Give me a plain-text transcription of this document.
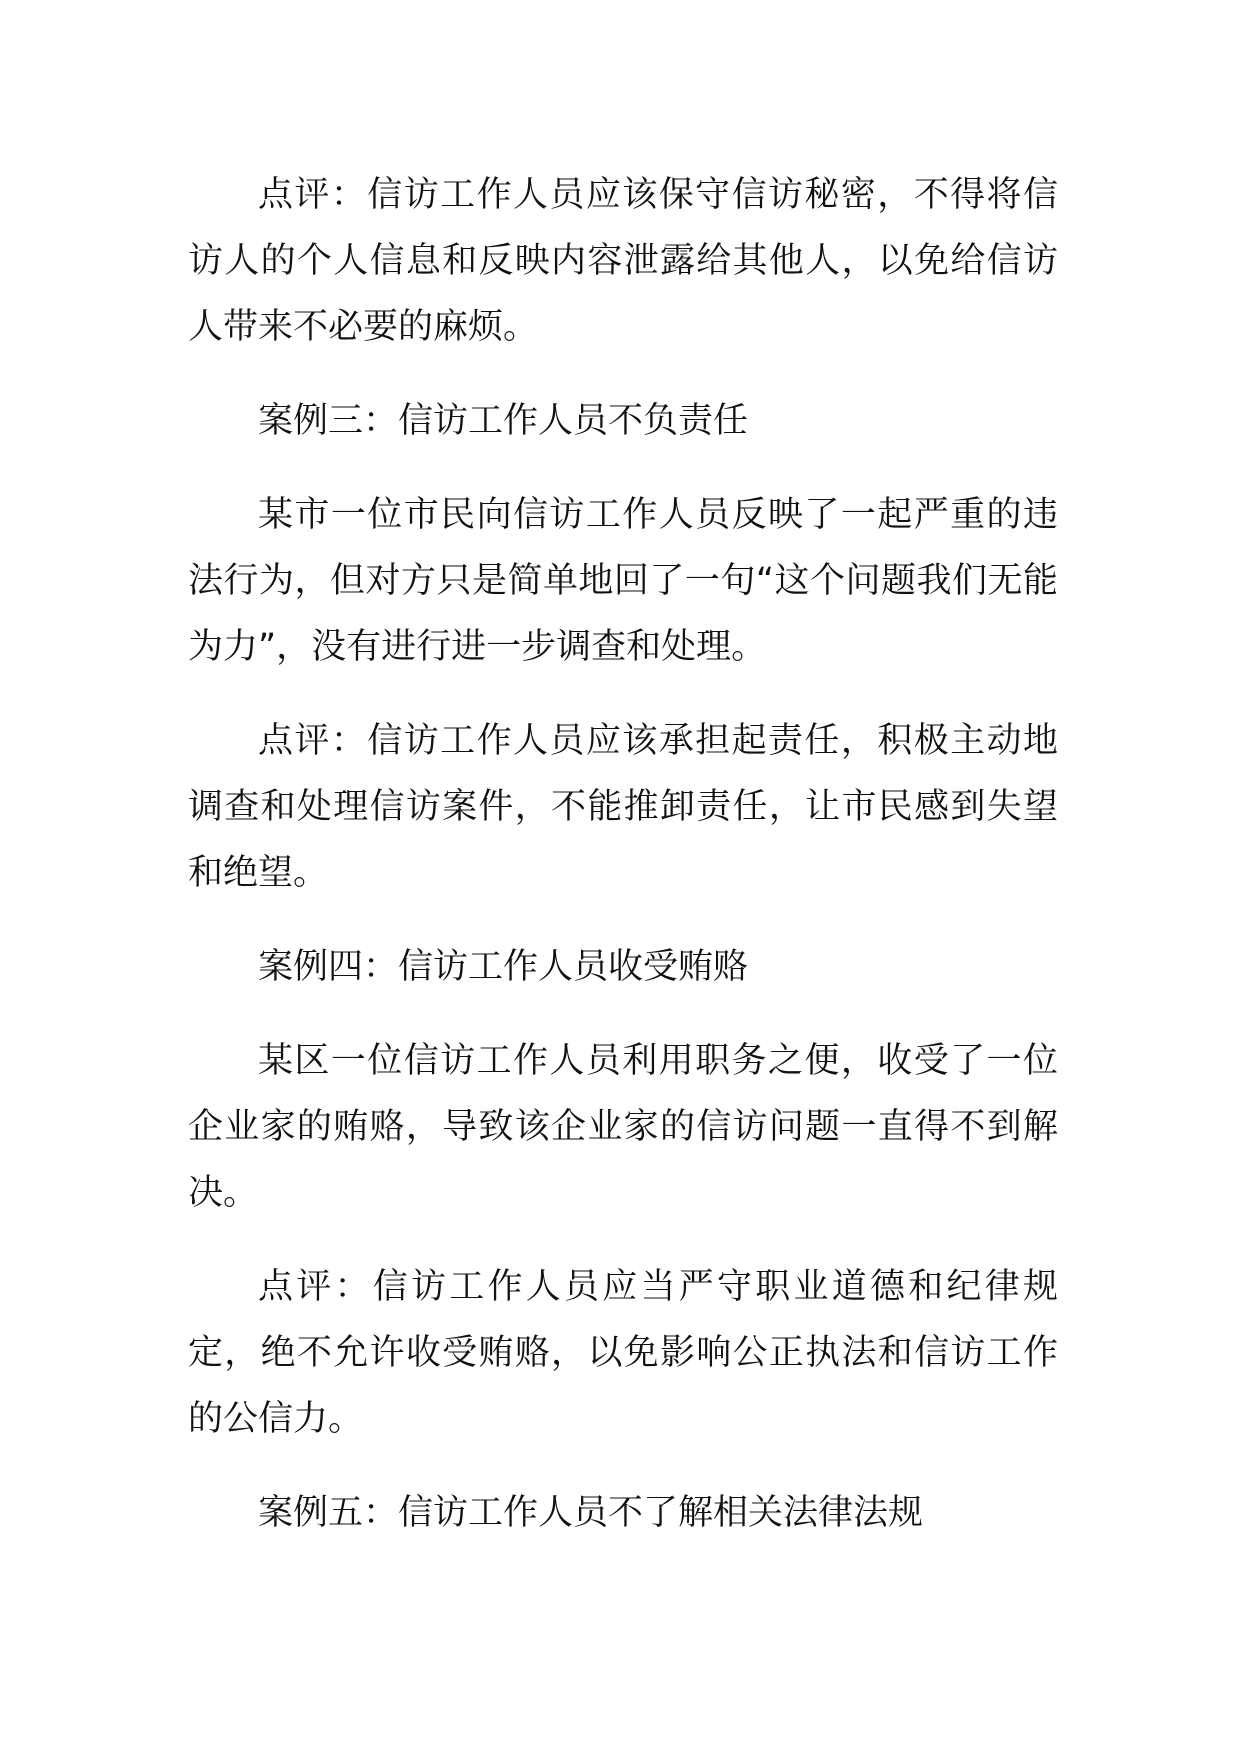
点评：信访工作人员应该保守信访秘密，不得将信访人的个人信息和反映内容泄露给其他人，以免给信访人带来不必要的麻烦。

案例三：信访工作人员不负责任

某市一位市民向信访工作人员反映了一起严重的违法行为，但对方只是简单地回了一句“这个问题我们无能为力”，没有进行进一步调查和处理。

点评：信访工作人员应该承担起责任，积极主动地调查和处理信访案件，不能推卸责任，让市民感到失望和绝望。

案例四：信访工作人员收受贿赂

某区一位信访工作人员利用职务之便，收受了一位企业家的贿赂，导致该企业家的信访问题一直得不到解决。

点评：信访工作人员应当严守职业道德和纪律规定，绝不允许收受贿赂，以免影响公正执法和信访工作的公信力。

案例五：信访工作人员不了解相关法律法规
